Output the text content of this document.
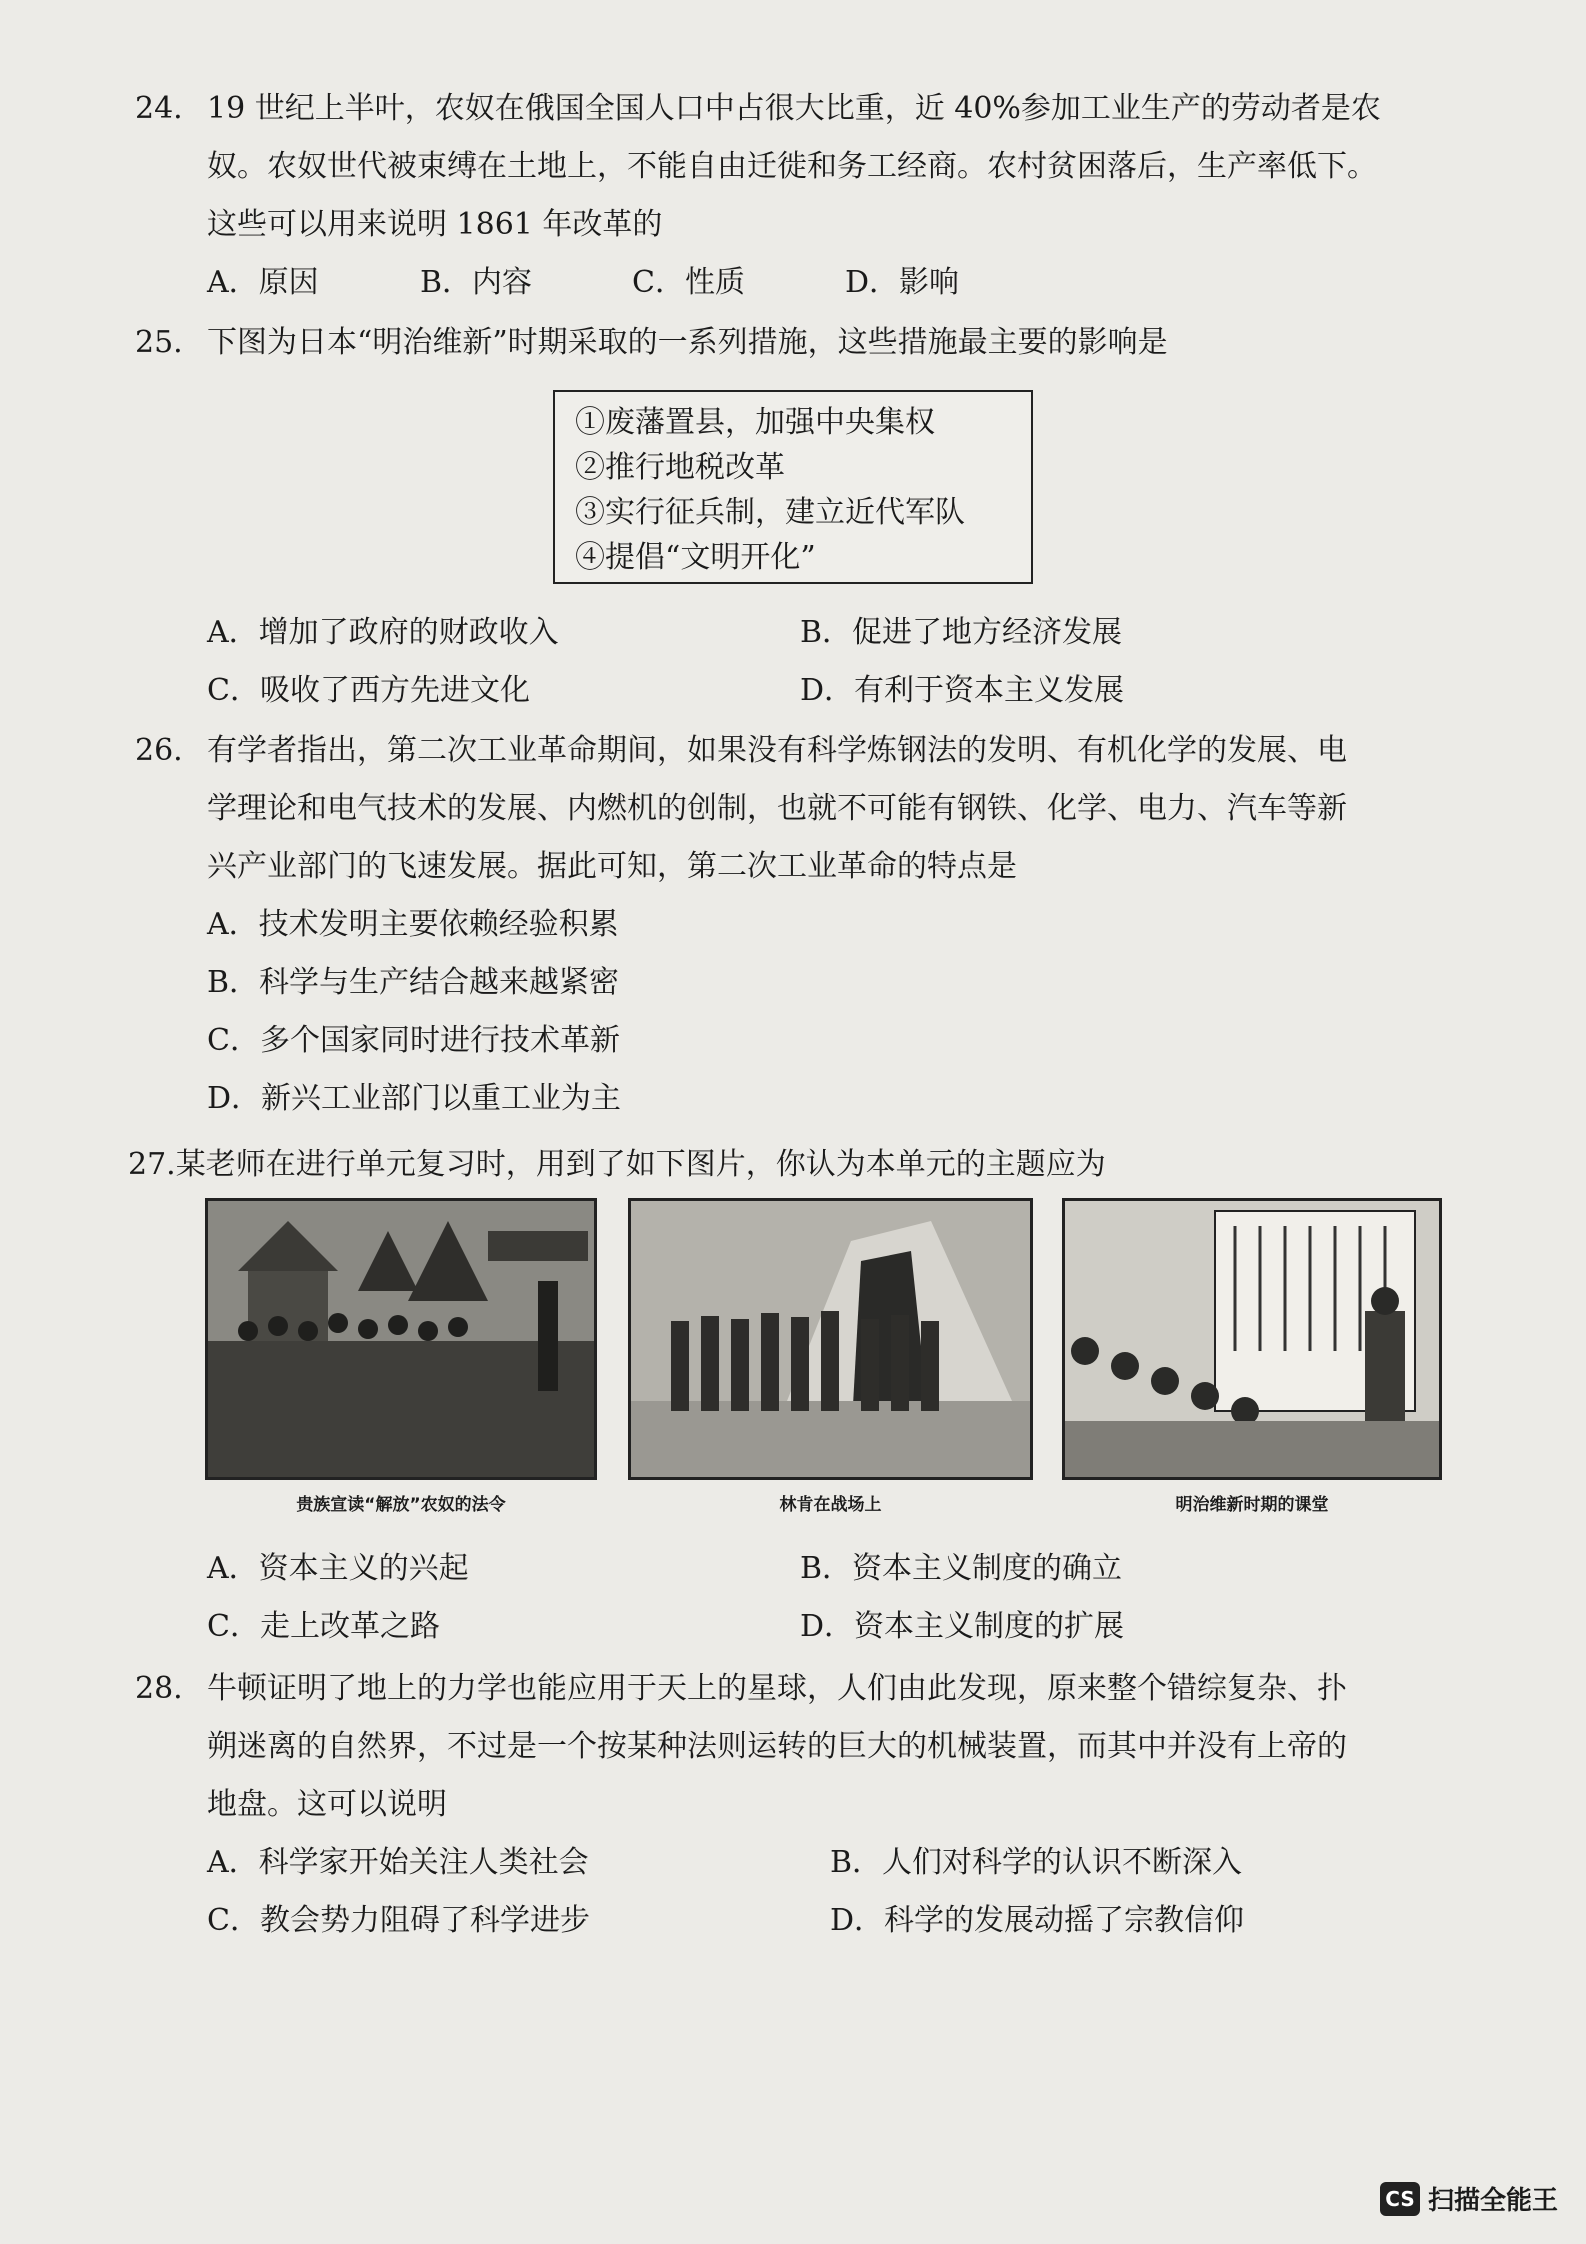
24. 19 世纪上半叶，农奴在俄国全国人口中占很大比重，近 40%参加工业生产的劳动者是农
奴。农奴世代被束缚在土地上，不能自由迁徙和务工经商。农村贫困落后，生产率低下。
这些可以用来说明 1861 年改革的
A．原因	B．内容	C．性质	D．影响
25. 下图为日本“明治维新”时期采取的一系列措施，这些措施最主要的影响是
①废藩置县，加强中央集权
②推行地税改革
③实行征兵制，建立近代军队
④提倡“文明开化”
A．增加了政府的财政收入	B．促进了地方经济发展
C．吸收了西方先进文化	D．有利于资本主义发展
26. 有学者指出，第二次工业革命期间，如果没有科学炼钢法的发明、有机化学的发展、电
学理论和电气技术的发展、内燃机的创制，也就不可能有钢铁、化学、电力、汽车等新
兴产业部门的飞速发展。据此可知，第二次工业革命的特点是
A．技术发明主要依赖经验积累
B．科学与生产结合越来越紧密
C．多个国家同时进行技术革新
D．新兴工业部门以重工业为主
27.某老师在进行单元复习时，用到了如下图片，你认为本单元的主题应为
贵族宣读“解放”农奴的法令	林肯在战场上	明治维新时期的课堂
A．资本主义的兴起	B．资本主义制度的确立
C．走上改革之路	D．资本主义制度的扩展
28. 牛顿证明了地上的力学也能应用于天上的星球，人们由此发现，原来整个错综复杂、扑
朔迷离的自然界，不过是一个按某种法则运转的巨大的机械装置，而其中并没有上帝的
地盘。这可以说明
A．科学家开始关注人类社会	B．人们对科学的认识不断深入
C．教会势力阻碍了科学进步	D．科学的发展动摇了宗教信仰
CS 扫描全能王
